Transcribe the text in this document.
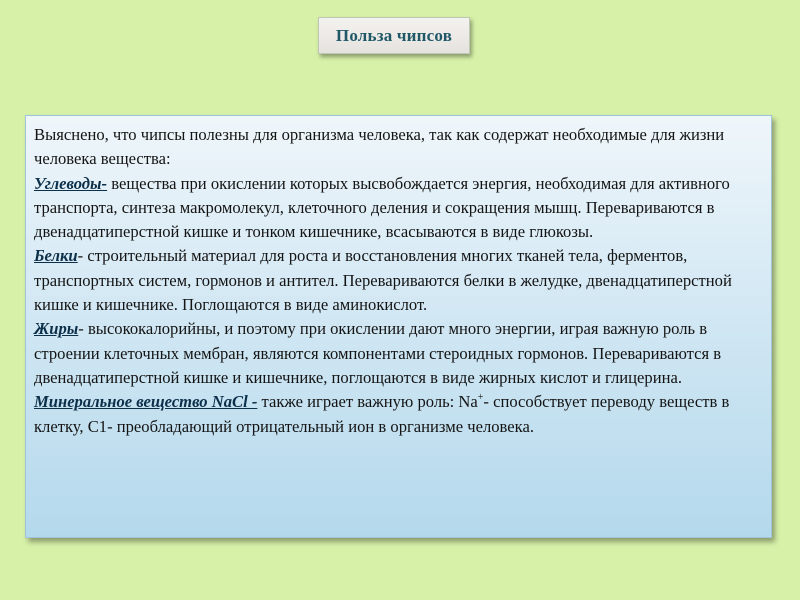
Польза чипсов

Выяснено, что чипсы полезны для организма человека, так как содержат необходимые для жизни человека вещества:
Углеводы- вещества при окислении которых высвобождается энергия, необходимая для активного транспорта, синтеза макромолекул, клеточного деления и сокращения мышц. Перевариваются в двенадцатиперстной кишке и тонком кишечнике, всасываются в виде глюкозы.
Белки- строительный материал для роста и восстановления многих тканей тела, ферментов, транспортных систем, гормонов и антител. Перевариваются белки в желудке, двенадцатиперстной кишке и кишечнике. Поглощаются в виде аминокислот.
Жиры- высококалорийны, и поэтому при окислении дают много энергии, играя важную роль в строении клеточных мембран, являются компонентами стероидных гормонов. Перевариваются в двенадцатиперстной кишке и кишечнике, поглощаются в виде жирных кислот и глицерина.
Минеральное вещество NaCl - также играет важную роль: Na+- способствует переводу веществ в клетку, С1- преобладающий отрицательный ион в организме человека.
